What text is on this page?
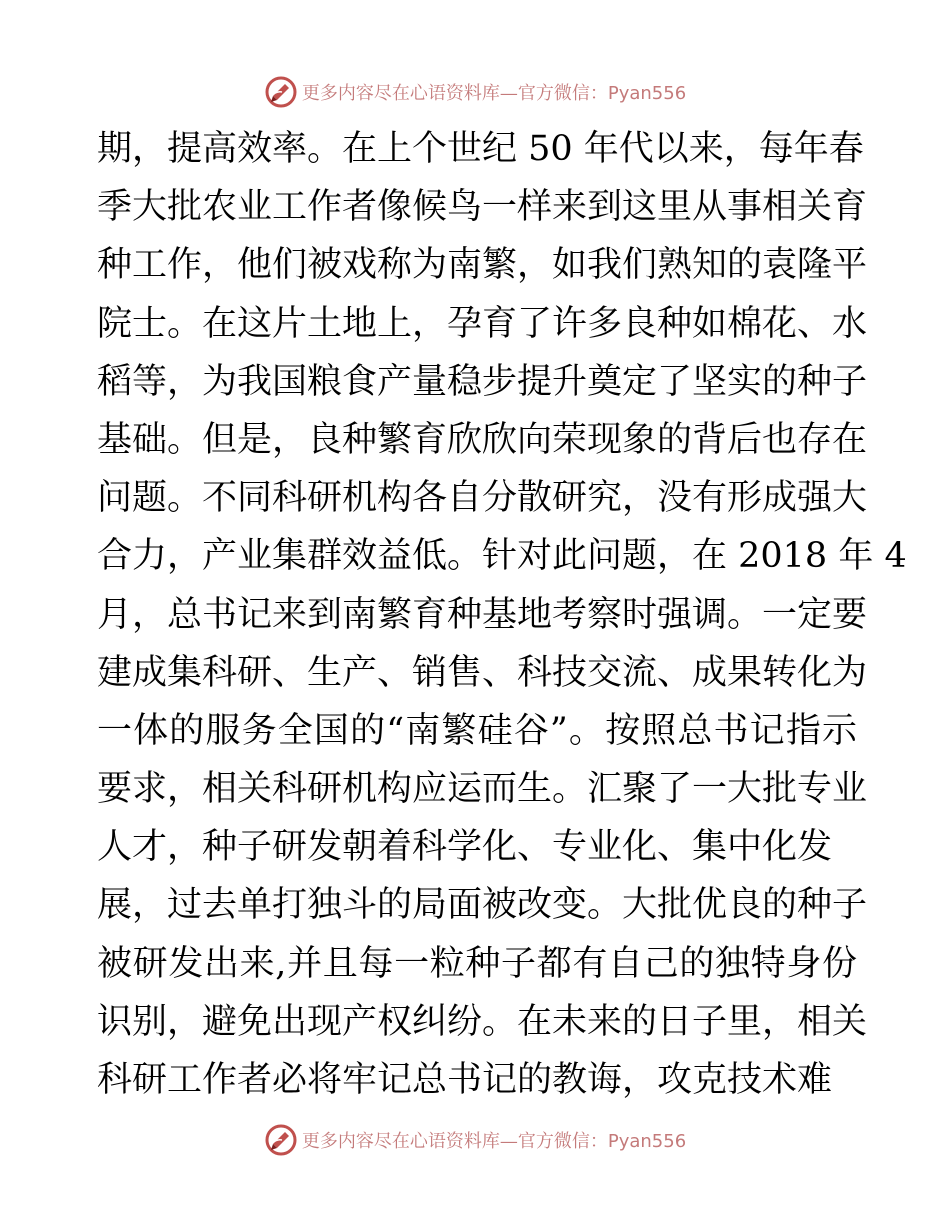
更多内容尽在心语资料库—官方微信：Pyan556
期，提高效率。在上个世纪 50 年代以来，每年春
季大批农业工作者像候鸟一样来到这里从事相关育
种工作，他们被戏称为南繁，如我们熟知的袁隆平
院士。在这片土地上，孕育了许多良种如棉花、水
稻等，为我国粮食产量稳步提升奠定了坚实的种子
基础。但是，良种繁育欣欣向荣现象的背后也存在
问题。不同科研机构各自分散研究，没有形成强大
合力，产业集群效益低。针对此问题，在 2018 年 4
月，总书记来到南繁育种基地考察时强调。一定要
建成集科研、生产、销售、科技交流、成果转化为
一体的服务全国的“南繁硅谷”。按照总书记指示
要求，相关科研机构应运而生。汇聚了一大批专业
人才，种子研发朝着科学化、专业化、集中化发
展，过去单打独斗的局面被改变。大批优良的种子
被研发出来,并且每一粒种子都有自己的独特身份
识别，避免出现产权纠纷。在未来的日子里，相关
科研工作者必将牢记总书记的教诲，攻克技术难
更多内容尽在心语资料库—官方微信：Pyan556
